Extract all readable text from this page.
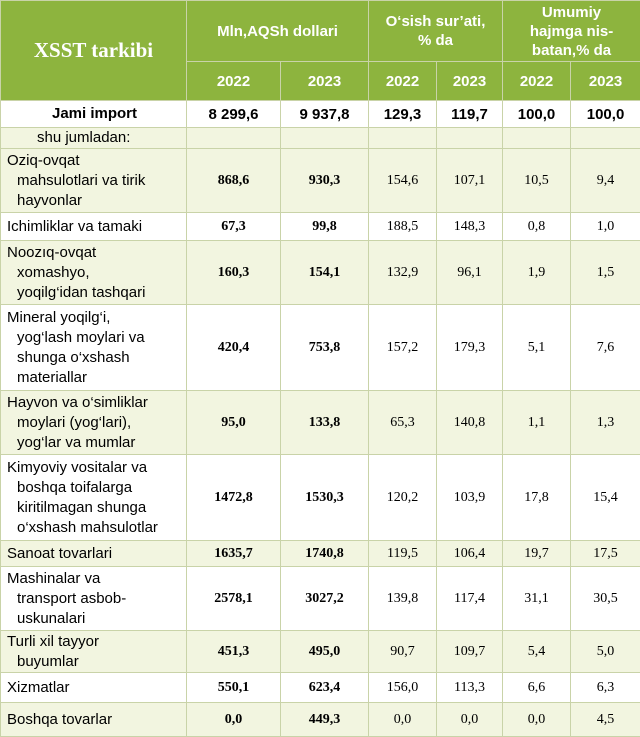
XSST tarkibi	Mln,AQSh dollari		O‘sish sur’ati,
% da		Umumiy
hajmga nis-
batan,% da	
	2022	2023	2022	2023	2022	2023
Jami import	8 299,6	9 937,8	129,3	119,7	100,0	100,0
shu jumladan:						

Oziq-ovqat
mahsulotlari va tirik
hayvonlar	868,6	930,3	154,6	107,1	10,5	9,4

Ichimliklar va tamaki	67,3	99,8	188,5	148,3	0,8	1,0

Noozıq-ovqat
xomashyo,
yoqilg‘idan tashqari	160,3	154,1	132,9	96,1	1,9	1,5

Mineral yoqilg‘i,
yog‘lash moylari va
shunga o‘xshash
materiallar	420,4	753,8	157,2	179,3	5,1	7,6

Hayvon va o‘simliklar
moylari (yog‘lari),
yog‘lar va mumlar	95,0	133,8	65,3	140,8	1,1	1,3

Kimyoviy vositalar va
boshqa toifalarga
kiritilmagan shunga
o‘xshash mahsulotlar	1472,8	1530,3	120,2	103,9	17,8	15,4

Sanoat tovarlari	1635,7	1740,8	119,5	106,4	19,7	17,5

Mashinalar va
transport asbob-
uskunalari	2578,1	3027,2	139,8	117,4	31,1	30,5

Turli xil tayyor
buyumlar	451,3	495,0	90,7	109,7	5,4	5,0

Xizmatlar	550,1	623,4	156,0	113,3	6,6	6,3

Boshqa tovarlar	0,0	449,3	0,0	0,0	0,0	4,5
